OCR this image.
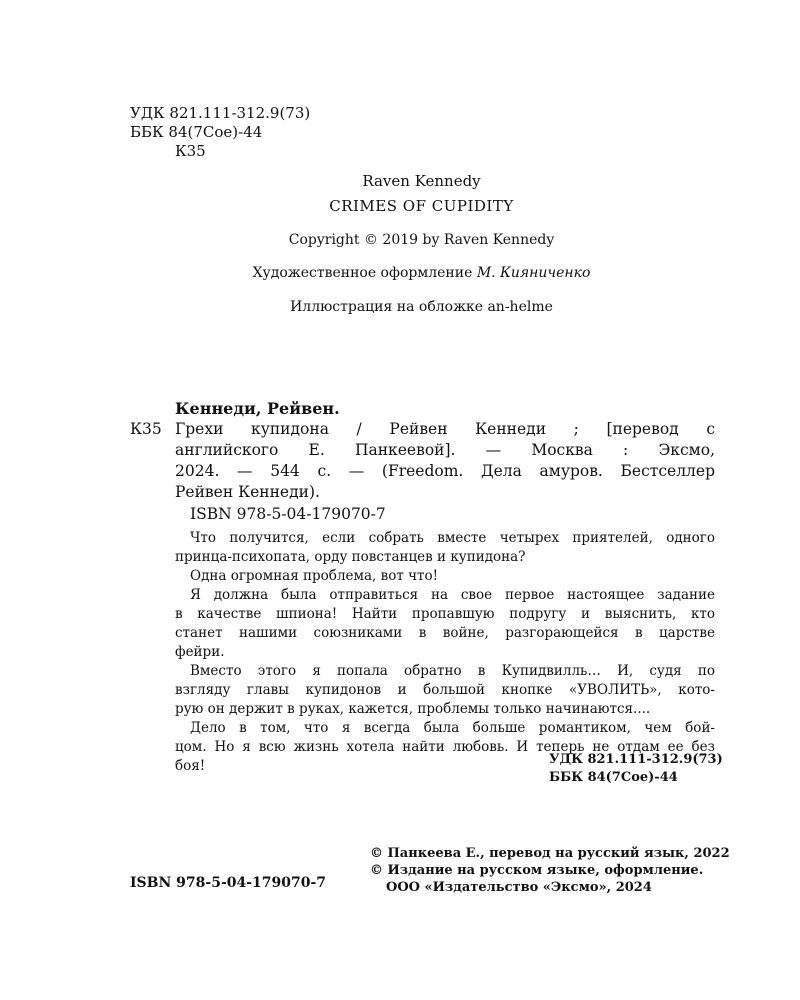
УДК 821.111-312.9(73)
ББК 84(7Сое)-44
К35
Raven Kennedy
CRIMES OF CUPIDITY
Copyright © 2019 by Raven Kennedy
Художественное оформление М. Кияниченко
Иллюстрация на обложке an-helme
Кеннеди, Рейвен.
К35 Грехи купидона / Рейвен Кеннеди ; [перевод с
английского Е. Панкеевой]. — Москва : Эксмо,
2024. — 544 с. — (Freedom. Дела амуров. Бестселлер
Рейвен Кеннеди).
ISBN 978-5-04-179070-7
Что получится, если собрать вместе четырех приятелей, одного
принца-психопата, орду повстанцев и купидона?
Одна огромная проблема, вот что!
Я должна была отправиться на свое первое настоящее задание
в качестве шпиона! Найти пропавшую подругу и выяснить, кто
станет нашими союзниками в войне, разгорающейся в царстве
фейри.
Вместо этого я попала обратно в Купидвилль… И, судя по
взгляду главы купидонов и большой кнопке «УВОЛИТЬ», кото-
рую он держит в руках, кажется, проблемы только начинаются....
Дело в том, что я всегда была больше романтиком, чем бой-
цом. Но я всю жизнь хотела найти любовь. И теперь не отдам ее без
боя!	УДК 821.111-312.9(73)
ББК 84(7Сое)-44
ISBN 978-5-04-179070-7
© Панкеева Е., перевод на русский язык, 2022
© Издание на русском языке, оформление.
ООО «Издательство «Эксмо», 2024
